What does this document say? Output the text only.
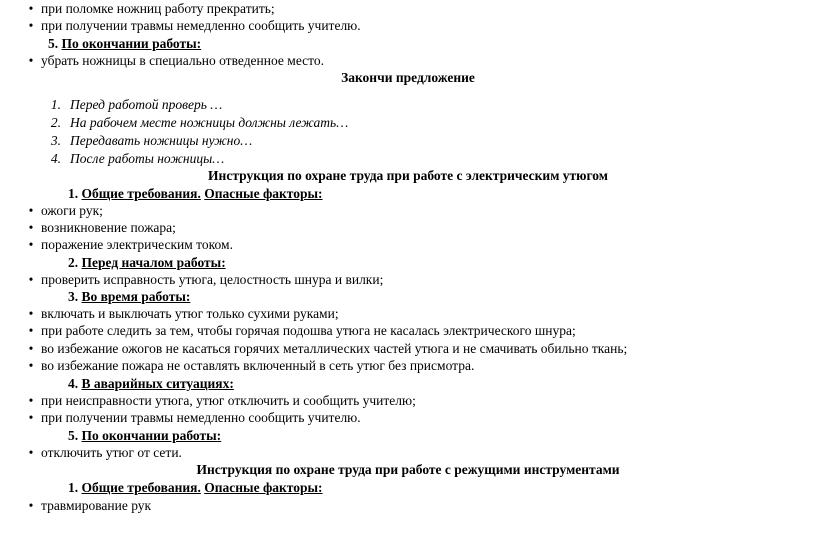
• при поломке ножниц работу прекратить;
• при получении травмы немедленно сообщить учителю.
5. По окончании работы:
• убрать ножницы в специально отведенное место.
Закончи предложение
1. Перед работой проверь …
2. На рабочем месте ножницы должны лежать…
3. Передавать ножницы нужно…
4. После работы ножницы…
Инструкция по охране труда при работе с электрическим утюгом
1. Общие требования. Опасные факторы:
• ожоги рук;
• возникновение пожара;
• поражение электрическим током.
2. Перед началом работы:
• проверить исправность утюга, целостность шнура и вилки;
3. Во время работы:
• включать и выключать утюг только сухими руками;
• при работе следить за тем, чтобы горячая подошва утюга не касалась электрического шнура;
• во избежание ожогов не касаться горячих металлических частей утюга и не смачивать обильно ткань;
• во избежание пожара не оставлять включенный в сеть утюг без присмотра.
4. В аварийных ситуациях:
• при неисправности утюга, утюг отключить и сообщить учителю;
• при получении травмы немедленно сообщить учителю.
5. По окончании работы:
• отключить утюг от сети.
Инструкция по охране труда при работе с режущими инструментами
1. Общие требования. Опасные факторы:
• травмирование рук
